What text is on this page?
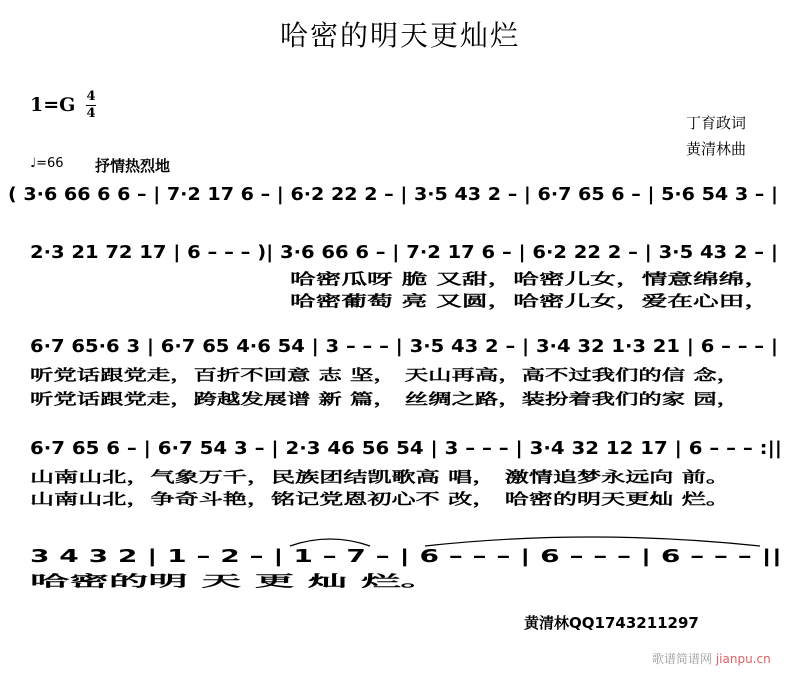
哈密的明天更灿烂
1=G 4
4
丁育政词
黄清林曲
♩=66 抒情热烈地
( 3·6 66 6 6 – | 7·2 17 6 – | 6·2 22 2 – | 3·5 43 2 – | 6·7 65 6 – | 5·6 54 3 – |
2·3 21 72 17 | 6 – – – )| 3·6 66 6 – | 7·2 17 6 – | 6·2 22 2 – | 3·5 43 2 – |
哈密瓜呀 脆 又甜，哈密儿女，情意绵绵，
哈密葡萄 亮 又圆，哈密儿女，爱在心田，
6·7 65·6 3 | 6·7 65 4·6 54 | 3 – – – | 3·5 43 2 – | 3·4 32 1·3 21 | 6 – – – |
听党话跟党走，百折不回意 志 坚， 天山再高，高不过我们的信 念，
听党话跟党走，跨越发展谱 新 篇， 丝绸之路，装扮着我们的家 园，
6·7 65 6 – | 6·7 54 3 – | 2·3 46 56 54 | 3 – – – | 3·4 32 12 17 | 6 – – – :||
山南山北，气象万千，民族团结凯歌高 唱， 激情追梦永远向 前。
山南山北，争奇斗艳，铭记党恩初心不 改， 哈密的明天更灿 烂。
3 4 3 2 | 1 – 2 – | 1 – 7 – | 6 – – – | 6 – – – | 6 – – – ||
哈密的明 天 更 灿 烂。
黄清林QQ1743211297
歌谱简谱网 jianpu.cn
